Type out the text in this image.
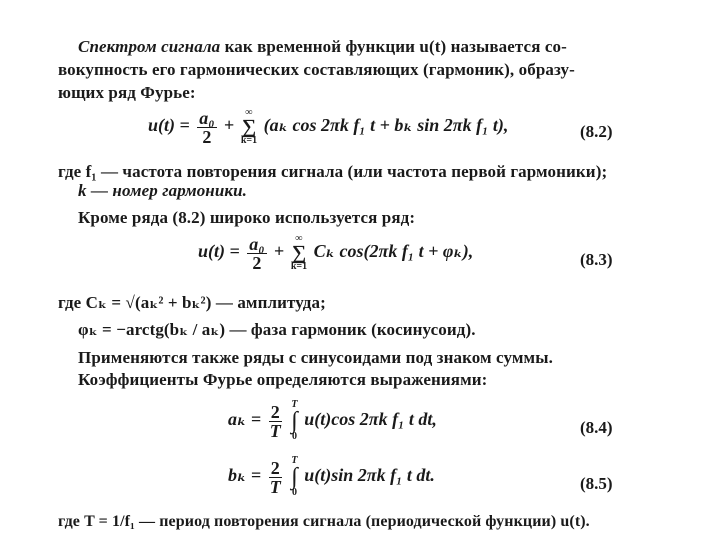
Спектром сигнала как временной функции u(t) называется со-
вокупность его гармонических составляющих (гармоник), образу-
ющих ряд Фурье:
$u(t) = \frac{\text{a₀}}{2}$ + ∞
∑
k=1 (aₖ cos 2πk f₁ t + bₖ sin 2πk f₁ t),	(8.2)
где f₁ — частота повторения сигнала (или частота первой гармоники);
k — номер гармоники.
Кроме ряда (8.2) широко используется ряд:
$u(t) = \frac{\text{a₀}}{2}$ + ∞
∑
k=1 Cₖ cos(2πk f₁ t + φₖ),	(8.3)
где Cₖ = √(aₖ² + bₖ²) — амплитуда;
φₖ = −arctg(bₖ / aₖ) — фаза гармоник (косинусоид).
Применяются также ряды с синусоидами под знаком суммы.
Коэффициенты Фурье определяются выражениями:
$a_k = \frac{2}{T}$ T
∫
0 u(t)cos 2πk f₁ t dt,	(8.4)
$b_k = \frac{2}{T}$ T
∫
0 u(t)sin 2πk f₁ t dt.	(8.5)
где T = 1/f₁ — период повторения сигнала (периодической функции) u(t).
